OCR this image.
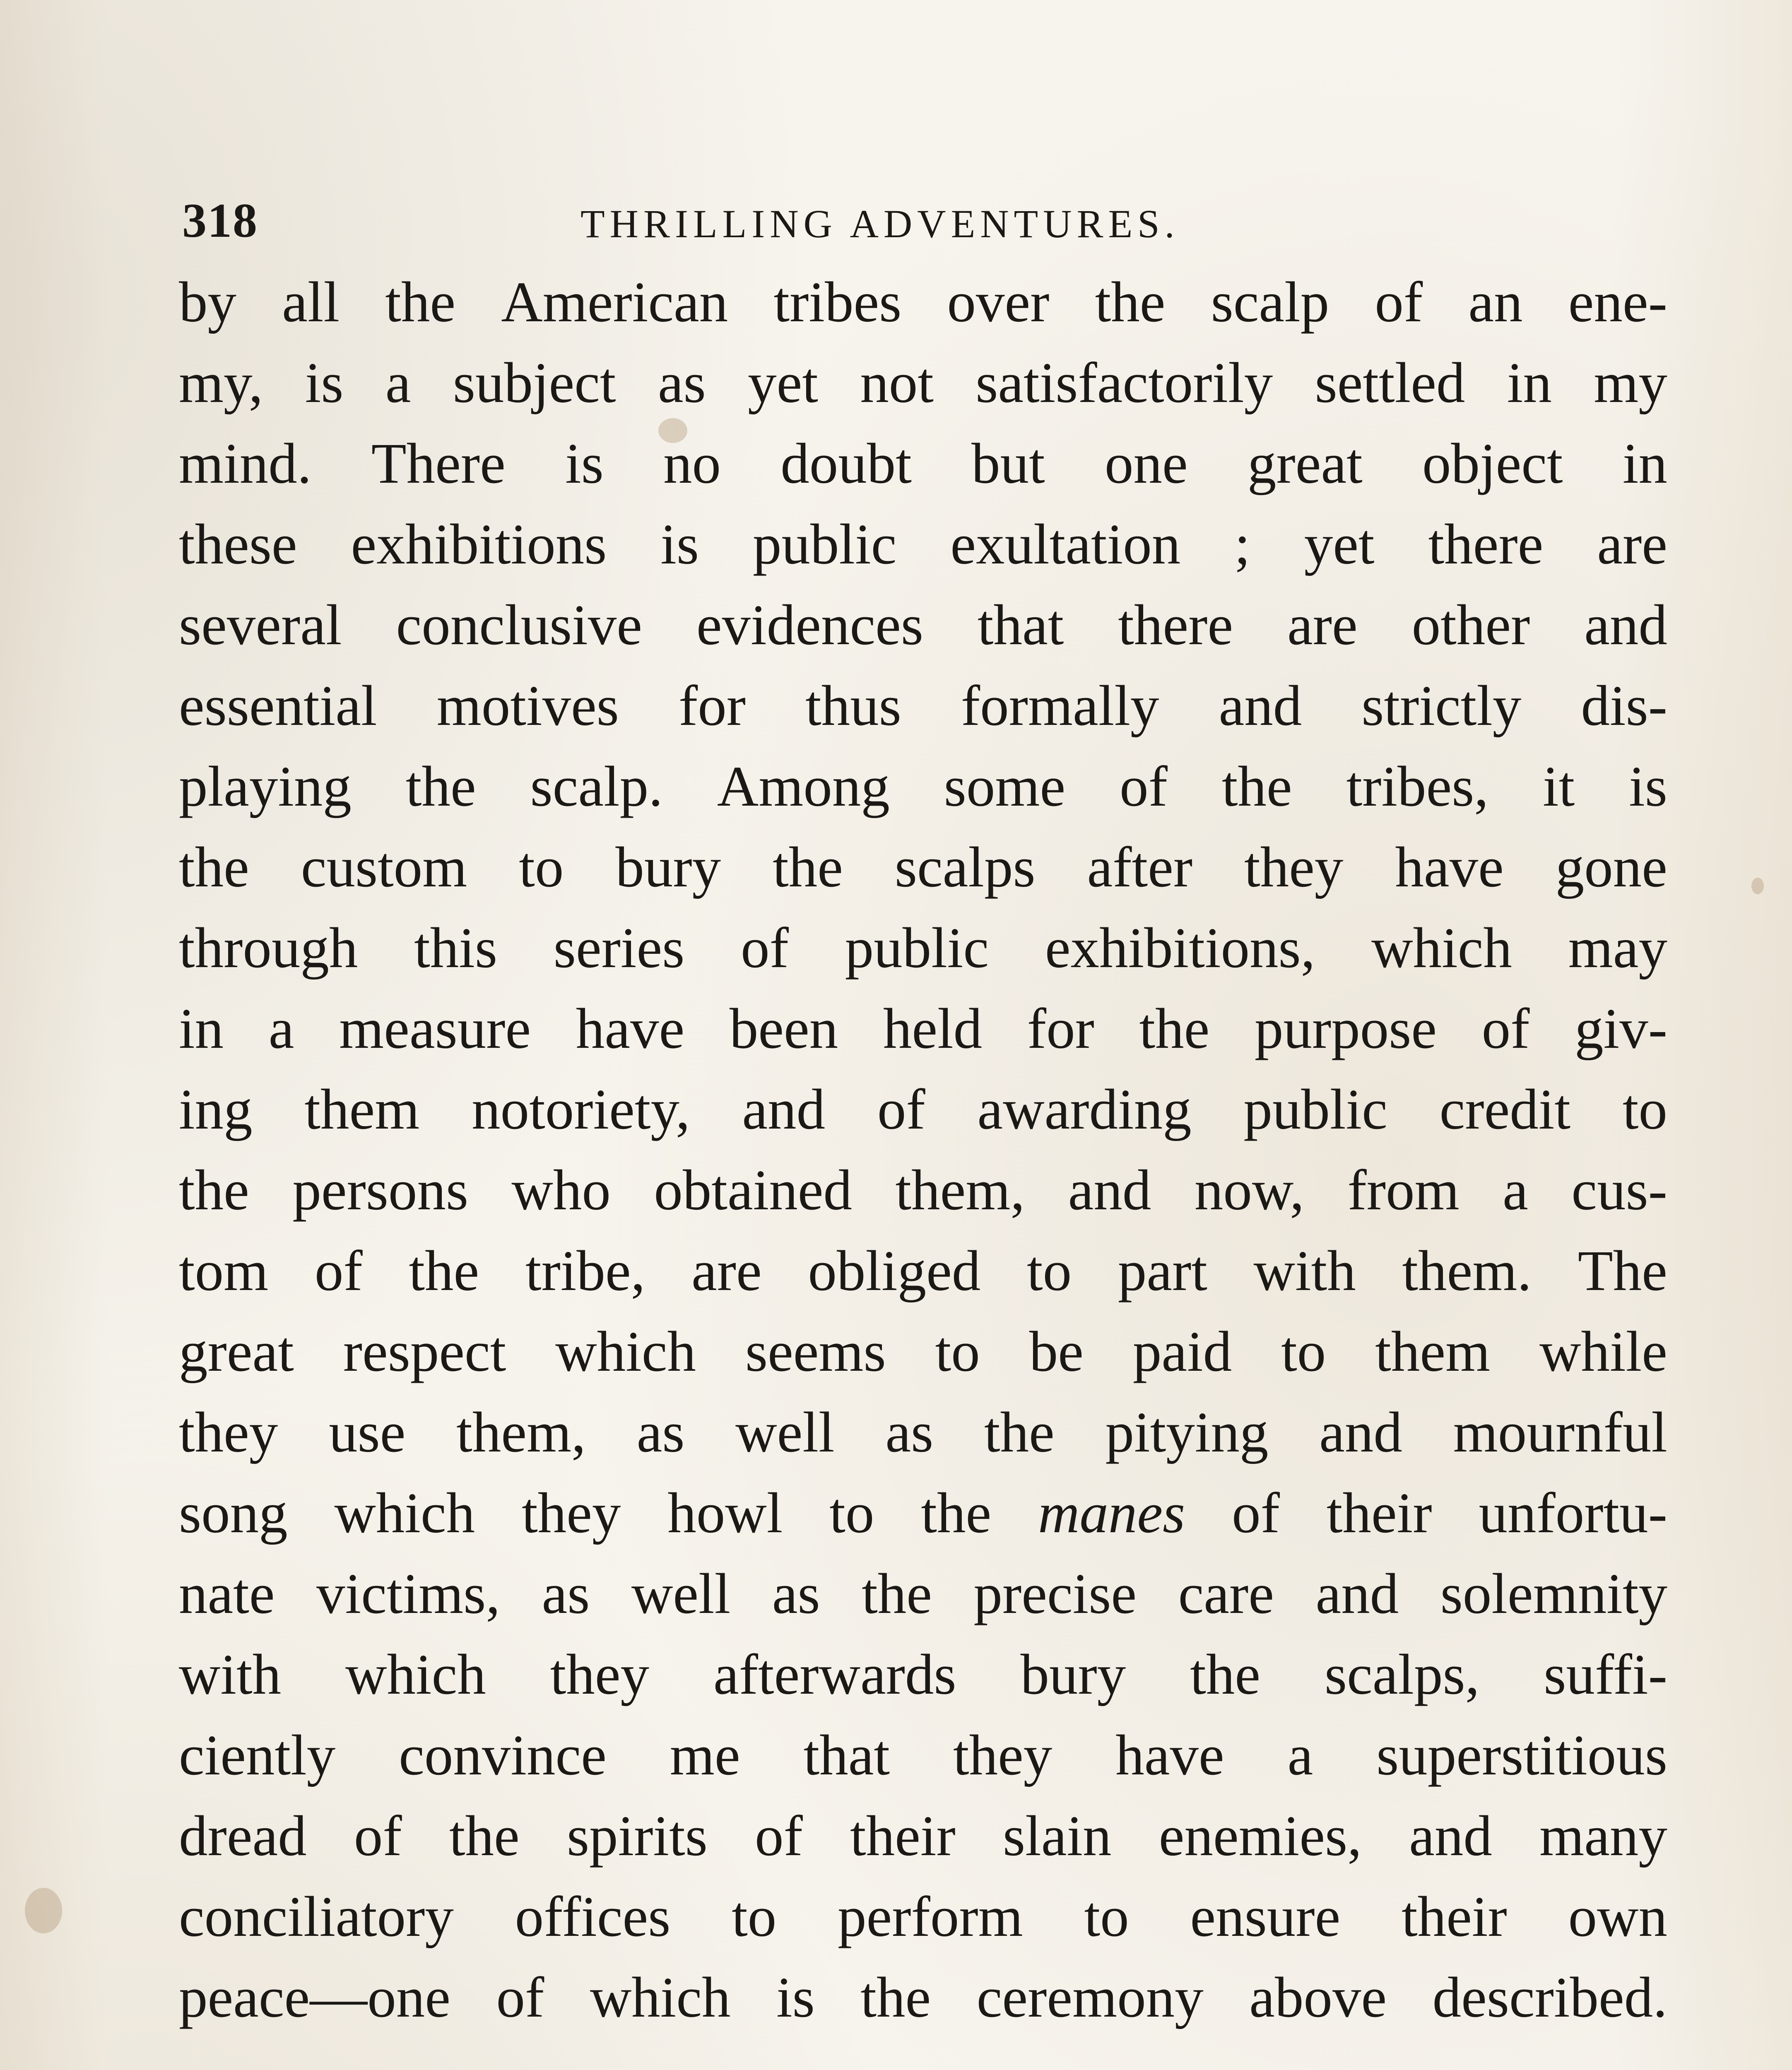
318	THRILLING ADVENTURES.
by all the American tribes over the scalp of an ene-
my, is a subject as yet not satisfactorily settled in my
mind. There is no doubt but one great object in
these exhibitions is public exultation ; yet there are
several conclusive evidences that there are other and
essential motives for thus formally and strictly dis-
playing the scalp. Among some of the tribes, it is
the custom to bury the scalps after they have gone
through this series of public exhibitions, which may
in a measure have been held for the purpose of giv-
ing them notoriety, and of awarding public credit to
the persons who obtained them, and now, from a cus-
tom of the tribe, are obliged to part with them. The
great respect which seems to be paid to them while
they use them, as well as the pitying and mournful
song which they howl to the manes of their unfortu-
nate victims, as well as the precise care and solemnity
with which they afterwards bury the scalps, suffi-
ciently convince me that they have a superstitious
dread of the spirits of their slain enemies, and many
conciliatory offices to perform to ensure their own
peace—one of which is the ceremony above described.
